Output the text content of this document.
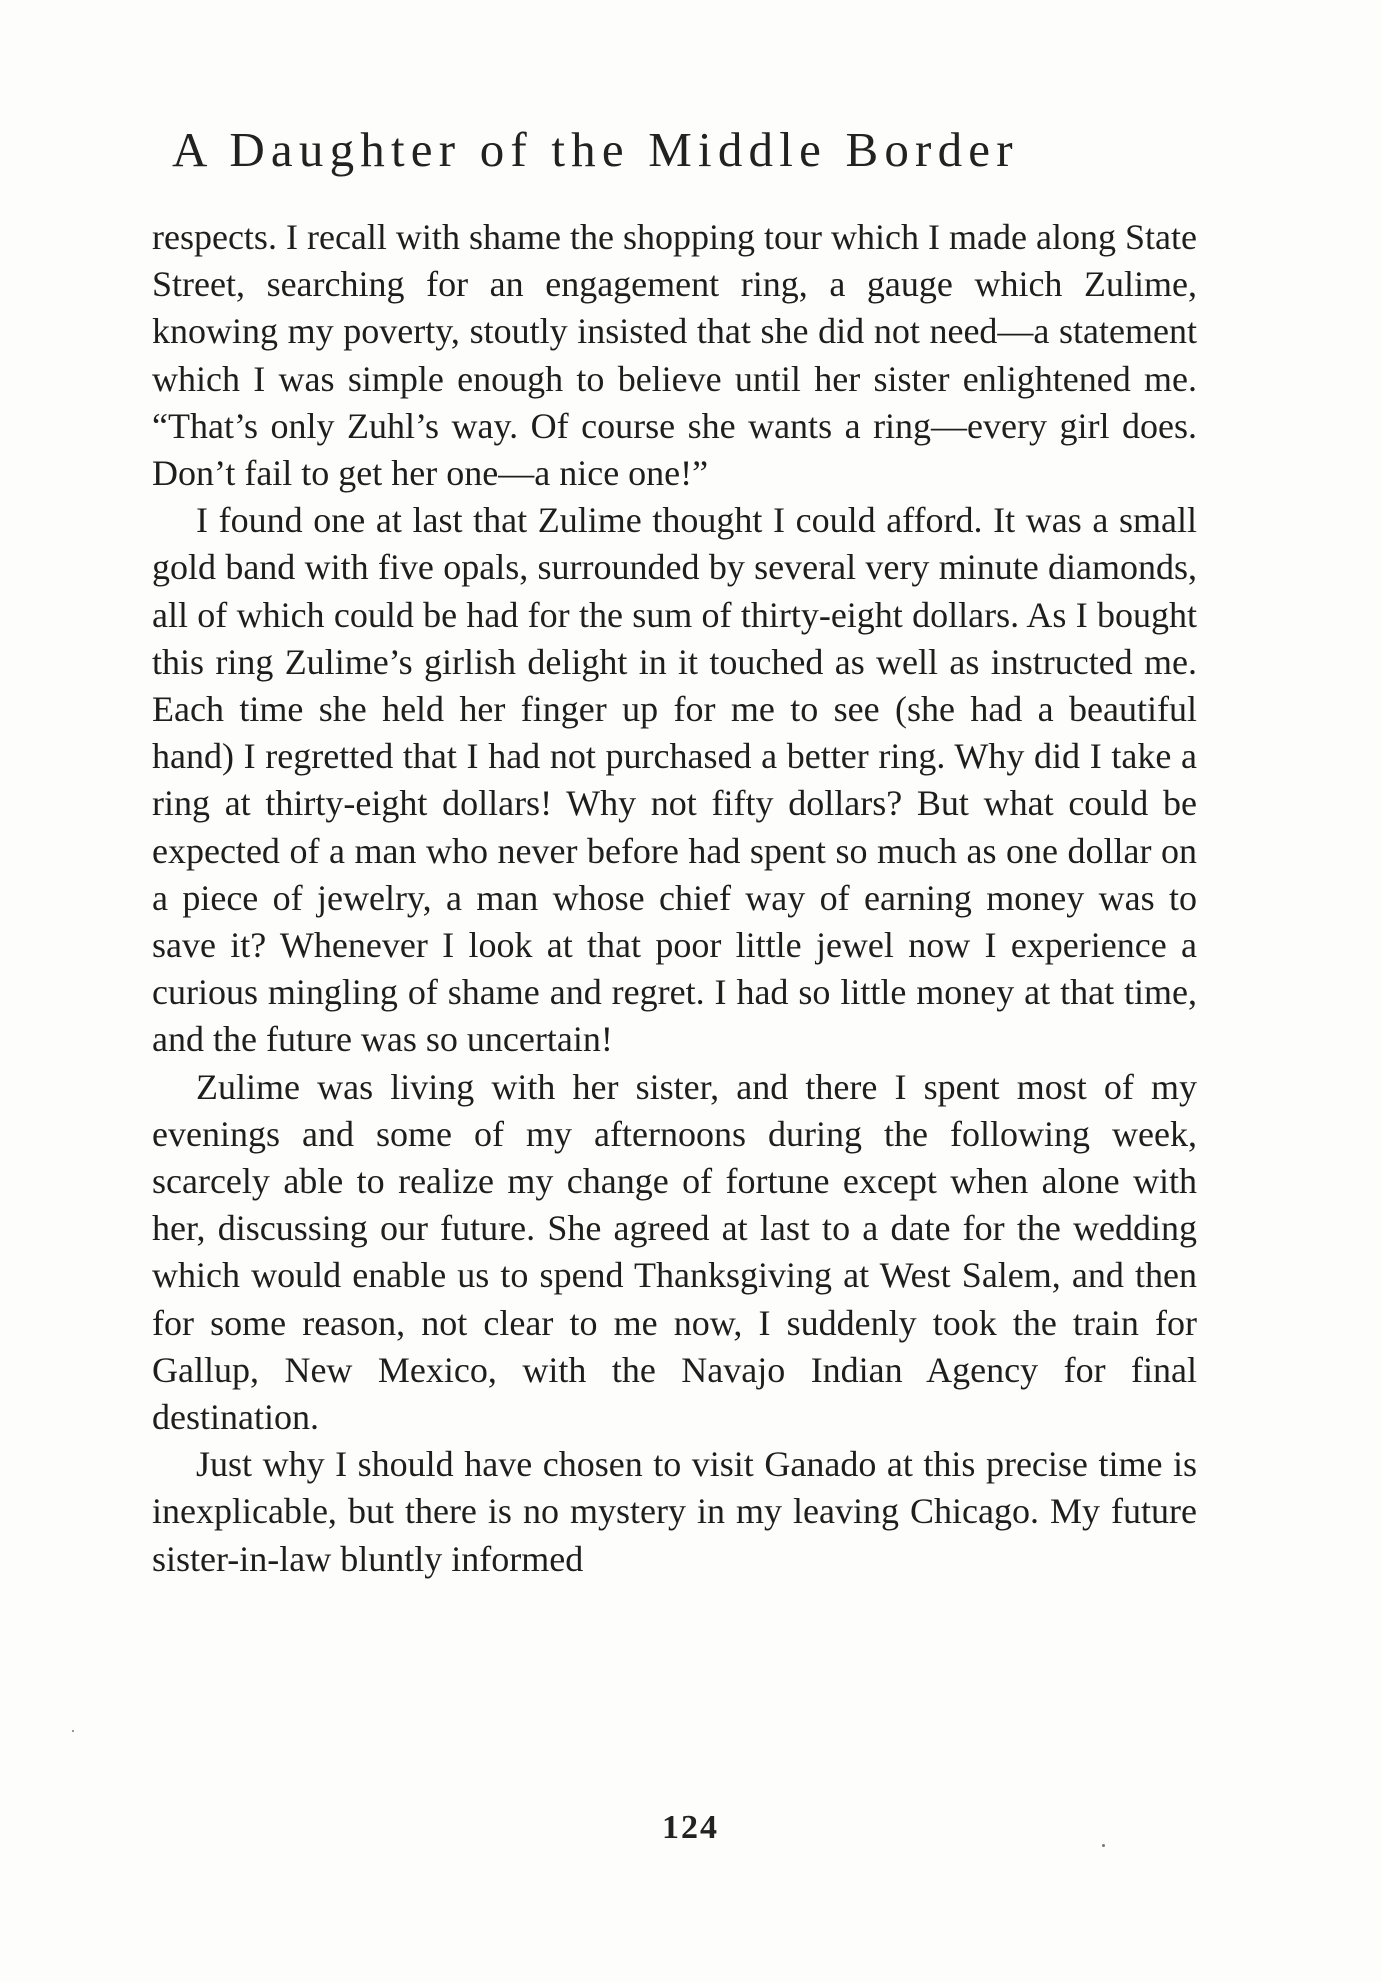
A Daughter of the Middle Border

respects. I recall with shame the shopping tour which I made along State Street, searching for an engagement ring, a gauge which Zulime, knowing my poverty, stoutly insisted that she did not need—a statement which I was simple enough to believe until her sister enlightened me. “That’s only Zuhl’s way. Of course she wants a ring—every girl does. Don’t fail to get her one—a nice one!”

I found one at last that Zulime thought I could afford. It was a small gold band with five opals, surrounded by several very minute diamonds, all of which could be had for the sum of thirty-eight dollars. As I bought this ring Zulime’s girlish delight in it touched as well as instructed me. Each time she held her finger up for me to see (she had a beautiful hand) I regretted that I had not purchased a better ring. Why did I take a ring at thirty-eight dollars! Why not fifty dollars? But what could be expected of a man who never before had spent so much as one dollar on a piece of jewelry, a man whose chief way of earning money was to save it? Whenever I look at that poor little jewel now I experience a curious mingling of shame and regret. I had so little money at that time, and the future was so uncertain!

Zulime was living with her sister, and there I spent most of my evenings and some of my afternoons during the following week, scarcely able to realize my change of fortune except when alone with her, discussing our future. She agreed at last to a date for the wedding which would enable us to spend Thanksgiving at West Salem, and then for some reason, not clear to me now, I suddenly took the train for Gallup, New Mexico, with the Navajo Indian Agency for final destination.

Just why I should have chosen to visit Ganado at this precise time is inexplicable, but there is no mystery in my leaving Chicago. My future sister-in-law bluntly informed

124
